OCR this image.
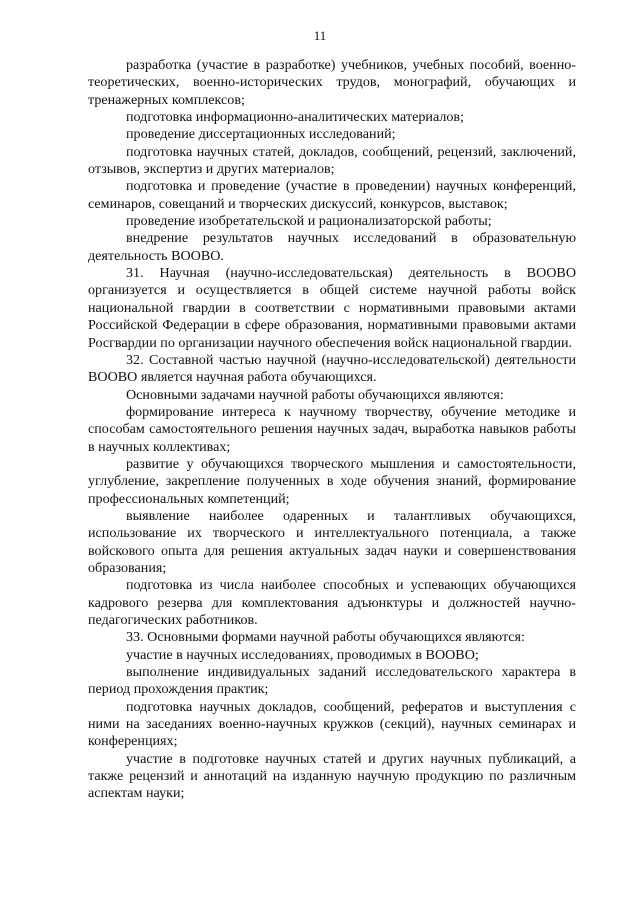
11

разработка (участие в разработке) учебников, учебных пособий, военно-теоретических, военно-исторических трудов, монографий, обучающих и тренажерных комплексов;

подготовка информационно-аналитических материалов;

проведение диссертационных исследований;

подготовка научных статей, докладов, сообщений, рецензий, заключений, отзывов, экспертиз и других материалов;

подготовка и проведение (участие в проведении) научных конференций, семинаров, совещаний и творческих дискуссий, конкурсов, выставок;

проведение изобретательской и рационализаторской работы;

внедрение результатов научных исследований в образовательную деятельность ВООВО.

31. Научная (научно-исследовательская) деятельность в ВООВО организуется и осуществляется в общей системе научной работы войск национальной гвардии в соответствии с нормативными правовыми актами Российской Федерации в сфере образования, нормативными правовыми актами Росгвардии по организации научного обеспечения войск национальной гвардии.

32. Составной частью научной (научно-исследовательской) деятельности ВООВО является научная работа обучающихся.

Основными задачами научной работы обучающихся являются:

формирование интереса к научному творчеству, обучение методике и способам самостоятельного решения научных задач, выработка навыков работы в научных коллективах;

развитие у обучающихся творческого мышления и самостоятельности, углубление, закрепление полученных в ходе обучения знаний, формирование профессиональных компетенций;

выявление наиболее одаренных и талантливых обучающихся, использование их творческого и интеллектуального потенциала, а также войскового опыта для решения актуальных задач науки и совершенствования образования;

подготовка из числа наиболее способных и успевающих обучающихся кадрового резерва для комплектования адъюнктуры и должностей научно-педагогических работников.

33. Основными формами научной работы обучающихся являются:

участие в научных исследованиях, проводимых в ВООВО;

выполнение индивидуальных заданий исследовательского характера в период прохождения практик;

подготовка научных докладов, сообщений, рефератов и выступления с ними на заседаниях военно-научных кружков (секций), научных семинарах и конференциях;

участие в подготовке научных статей и других научных публикаций, а также рецензий и аннотаций на изданную научную продукцию по различным аспектам науки;
